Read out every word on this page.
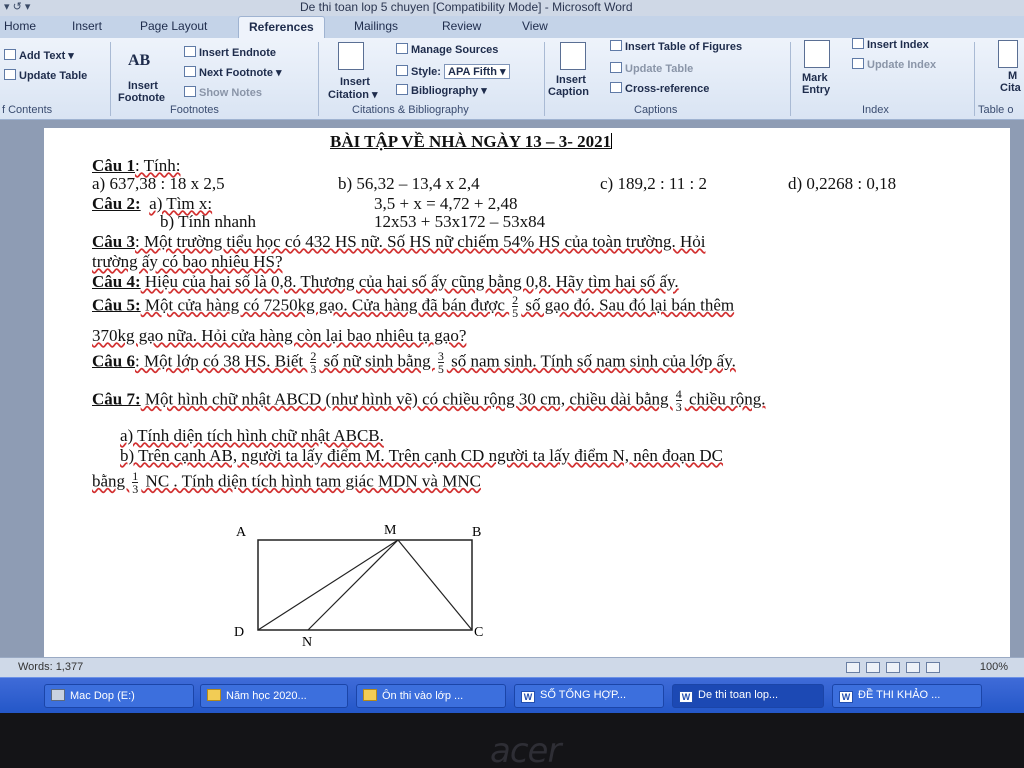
▾ ↺ ▾	De thi toan lop 5 chuyen [Compatibility Mode] - Microsoft Word
Home	Insert	Page Layout	References	Mailings	Review	View
Add Text ▾
Update Table
f Contents
AB
Insert
Footnote
Insert Endnote
Next Footnote ▾
Show Notes
Footnotes
Insert
Citation ▾
Manage Sources
Style: APA Fifth ▾
Bibliography ▾
Citations & Bibliography
Insert
Caption
Insert Table of Figures
Update Table
Cross-reference
Captions
Mark
Entry
Insert Index
Update Index
Index
M
Cita
Table o
BÀI TẬP VỀ NHÀ NGÀY 13 – 3- 2021
Câu 1: Tính:
a) 637,38 : 18 x 2,5	b) 56,32 – 13,4 x 2,4	c) 189,2 : 11 : 2	d) 0,2268 : 0,18
Câu 2: a) Tìm x:	3,5 + x = 4,72 + 2,48
b) Tính nhanh	12x53 + 53x172 – 53x84
Câu 3: Một trường tiểu học có 432 HS nữ. Số HS nữ chiếm 54% HS của toàn trường. Hỏi
trường ấy có bao nhiêu HS?
Câu 4: Hiệu của hai số là 0,8. Thương của hai số ấy cũng bằng 0,8. Hãy tìm hai số ấy.
Câu 5: Một cửa hàng có 7250kg gạo. Cửa hàng đã bán được $\frac{2}{5}$ số gạo đó. Sau đó lại bán thêm
370kg gạo nữa. Hỏi cửa hàng còn lại bao nhiêu tạ gạo?
Câu 6: Một lớp có 38 HS. Biết $\frac{2}{3}$ số nữ sinh bằng $\frac{3}{5}$ số nam sinh. Tính số nam sinh của lớp ấy.
Câu 7: Một hình chữ nhật ABCD (như hình vẽ) có chiều rộng 30 cm, chiều dài bằng $\frac{4}{3}$ chiều rộng.
a) Tính diện tích hình chữ nhật ABCB.
b) Trên cạnh AB, người ta lấy điểm M. Trên cạnh CD người ta lấy điểm N, nên đoạn DC
bằng $\frac{1}{3}$ NC . Tính diện tích hình tam giác MDN và MNC
A	M	B
D
N
C
Words: 1,377	100%
Mac Dop (E:)	Năm học 2020...	Ôn thi vào lớp ...	W SỐ TỔNG HỢP...	W De thi toan lop...	W ĐỀ THI KHẢO ...
acer
